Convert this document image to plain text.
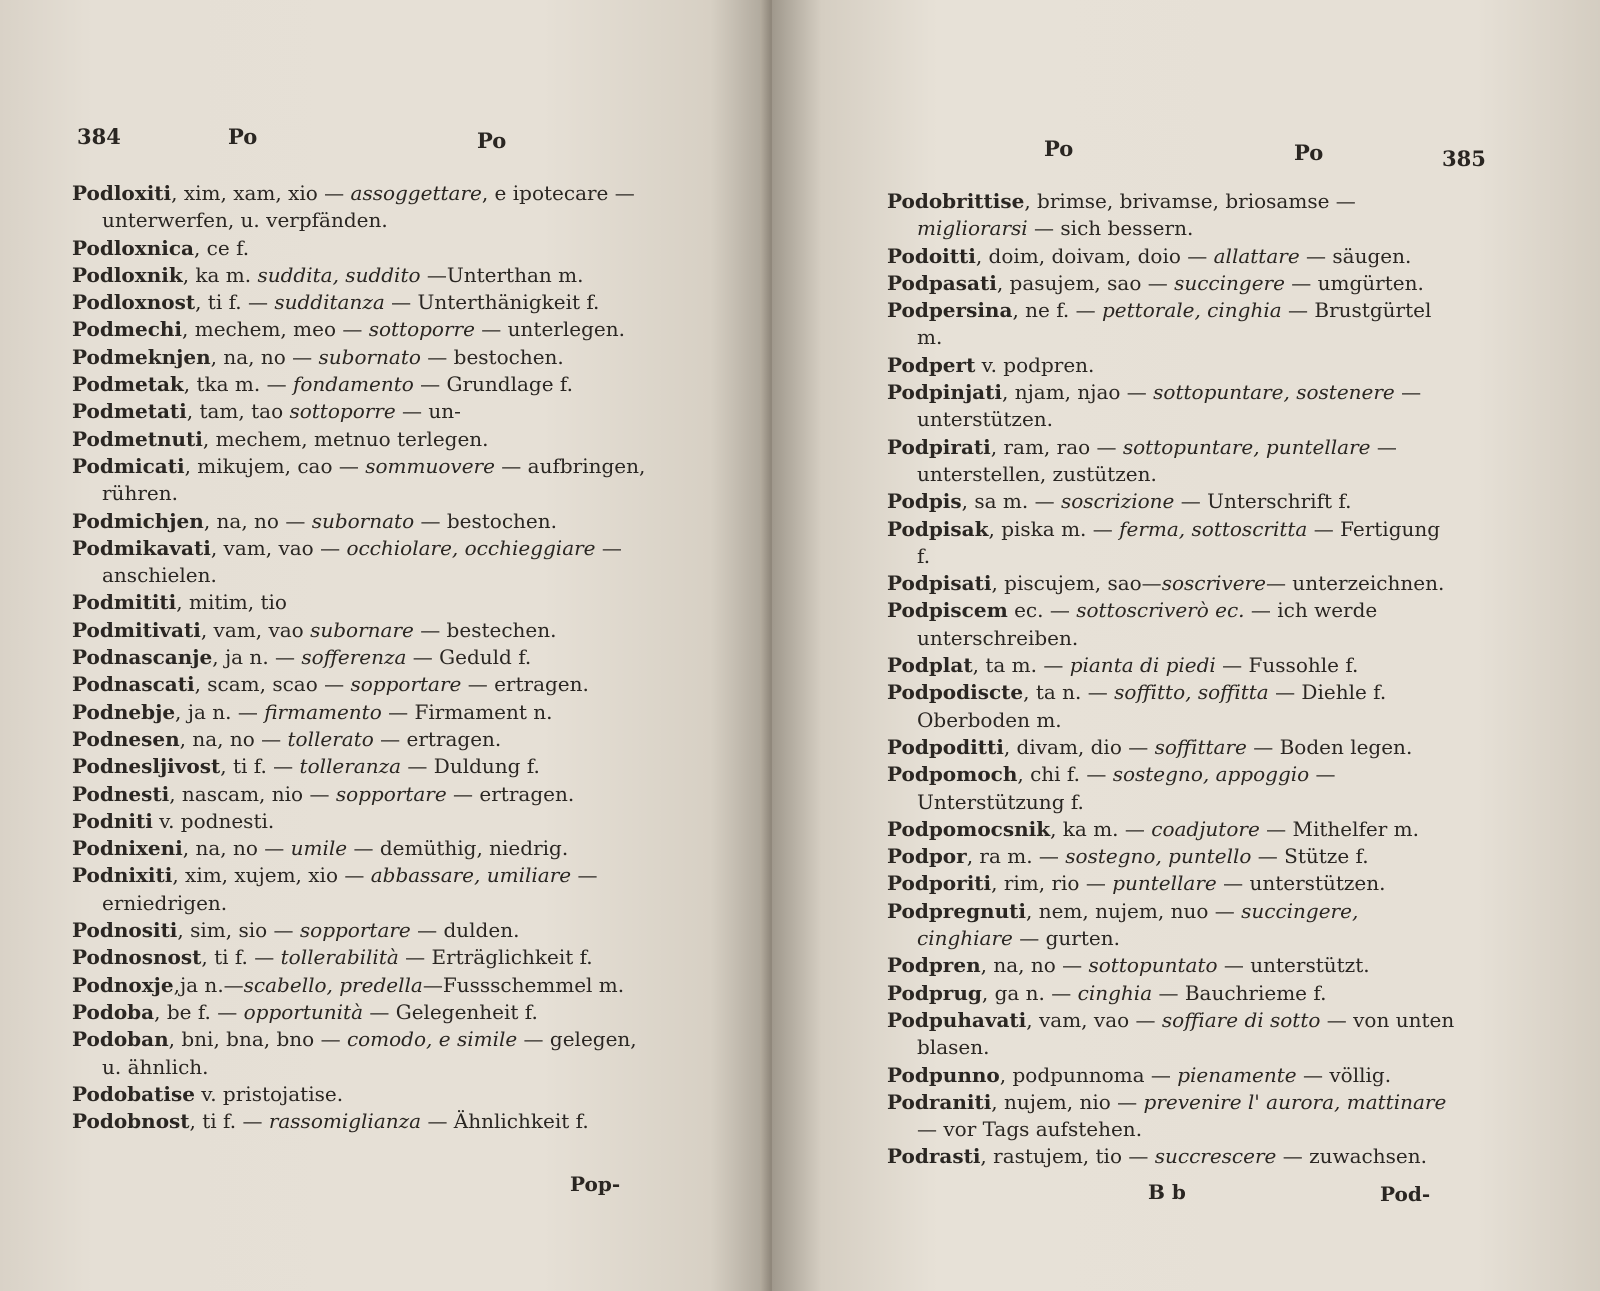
384	Po	Po

Podloxiti, xim, xam, xio — assoggettare, e ipotecare — unterwerfen, u. verpfänden.

Podloxnica, ce f.

Podloxnik, ka m. suddita, suddito —Unterthan m.

Podloxnost, ti f. — sudditanza — Unterthänigkeit f.

Podmechi, mechem, meo — sottoporre — unterlegen.

Podmeknjen, na, no — subornato — bestochen.

Podmetak, tka m. — fondamento — Grundlage f.

Podmetati, tam, tao sottoporre — un-

Podmetnuti, mechem, metnuo terlegen.

Podmicati, mikujem, cao — sommuovere — aufbringen, rühren.

Podmichjen, na, no — subornato — bestochen.

Podmikavati, vam, vao — occhiolare, occhieggiare — anschielen.

Podmititi, mitim, tio

Podmitivati, vam, vao subornare — bestechen.

Podnascanje, ja n. — sofferenza — Geduld f.

Podnascati, scam, scao — sopportare — ertragen.

Podnebje, ja n. — firmamento — Firmament n.

Podnesen, na, no — tollerato — ertragen.

Podnesljivost, ti f. — tolleranza — Duldung f.

Podnesti, nascam, nio — sopportare — ertragen.

Podniti v. podnesti.

Podnixeni, na, no — umile — demüthig, niedrig.

Podnixiti, xim, xujem, xio — abbassare, umiliare — erniedrigen.

Podnositi, sim, sio — sopportare — dulden.

Podnosnost, ti f. — tollerabilità — Erträglichkeit f.

Podnoxje,ja n.—scabello, predella—Fussschemmel m.

Podoba, be f. — opportunità — Gelegenheit f.

Podoban, bni, bna, bno — comodo, e simile — gelegen, u. ähnlich.

Podobatise v. pristojatise.

Podobnost, ti f. — rassomiglianza — Ähnlichkeit f.

Pop-
Po	Po	385

Podobrittise, brimse, brivamse, briosamse — migliorarsi — sich bessern.

Podoitti, doim, doivam, doio — allattare — säugen.

Podpasati, pasujem, sao — succingere — umgürten.

Podpersina, ne f. — pettorale, cinghia — Brustgürtel m.

Podpert v. podpren.

Podpinjati, njam, njao — sottopuntare, sostenere — unterstützen.

Podpirati, ram, rao — sottopuntare, puntellare — unterstellen, zustützen.

Podpis, sa m. — soscrizione — Unterschrift f.

Podpisak, piska m. — ferma, sottoscritta — Fertigung f.

Podpisati, piscujem, sao—soscrivere— unterzeichnen.

Podpiscem ec. — sottoscriverò ec. — ich werde unterschreiben.

Podplat, ta m. — pianta di piedi — Fussohle f.

Podpodiscte, ta n. — soffitto, soffitta — Diehle f. Oberboden m.

Podpoditti, divam, dio — soffittare — Boden legen.

Podpomoch, chi f. — sostegno, appoggio — Unterstützung f.

Podpomocsnik, ka m. — coadjutore — Mithelfer m.

Podpor, ra m. — sostegno, puntello — Stütze f.

Podporiti, rim, rio — puntellare — unterstützen.

Podpregnuti, nem, nujem, nuo — succingere, cinghiare — gurten.

Podpren, na, no — sottopuntato — unterstützt.

Podprug, ga n. — cinghia — Bauchrieme f.

Podpuhavati, vam, vao — soffiare di sotto — von unten blasen.

Podpunno, podpunnoma — pienamente — völlig.

Podraniti, nujem, nio — prevenire l' aurora, mattinare — vor Tags aufstehen.

Podrasti, rastujem, tio — succrescere — zuwachsen.

B b	Pod-
